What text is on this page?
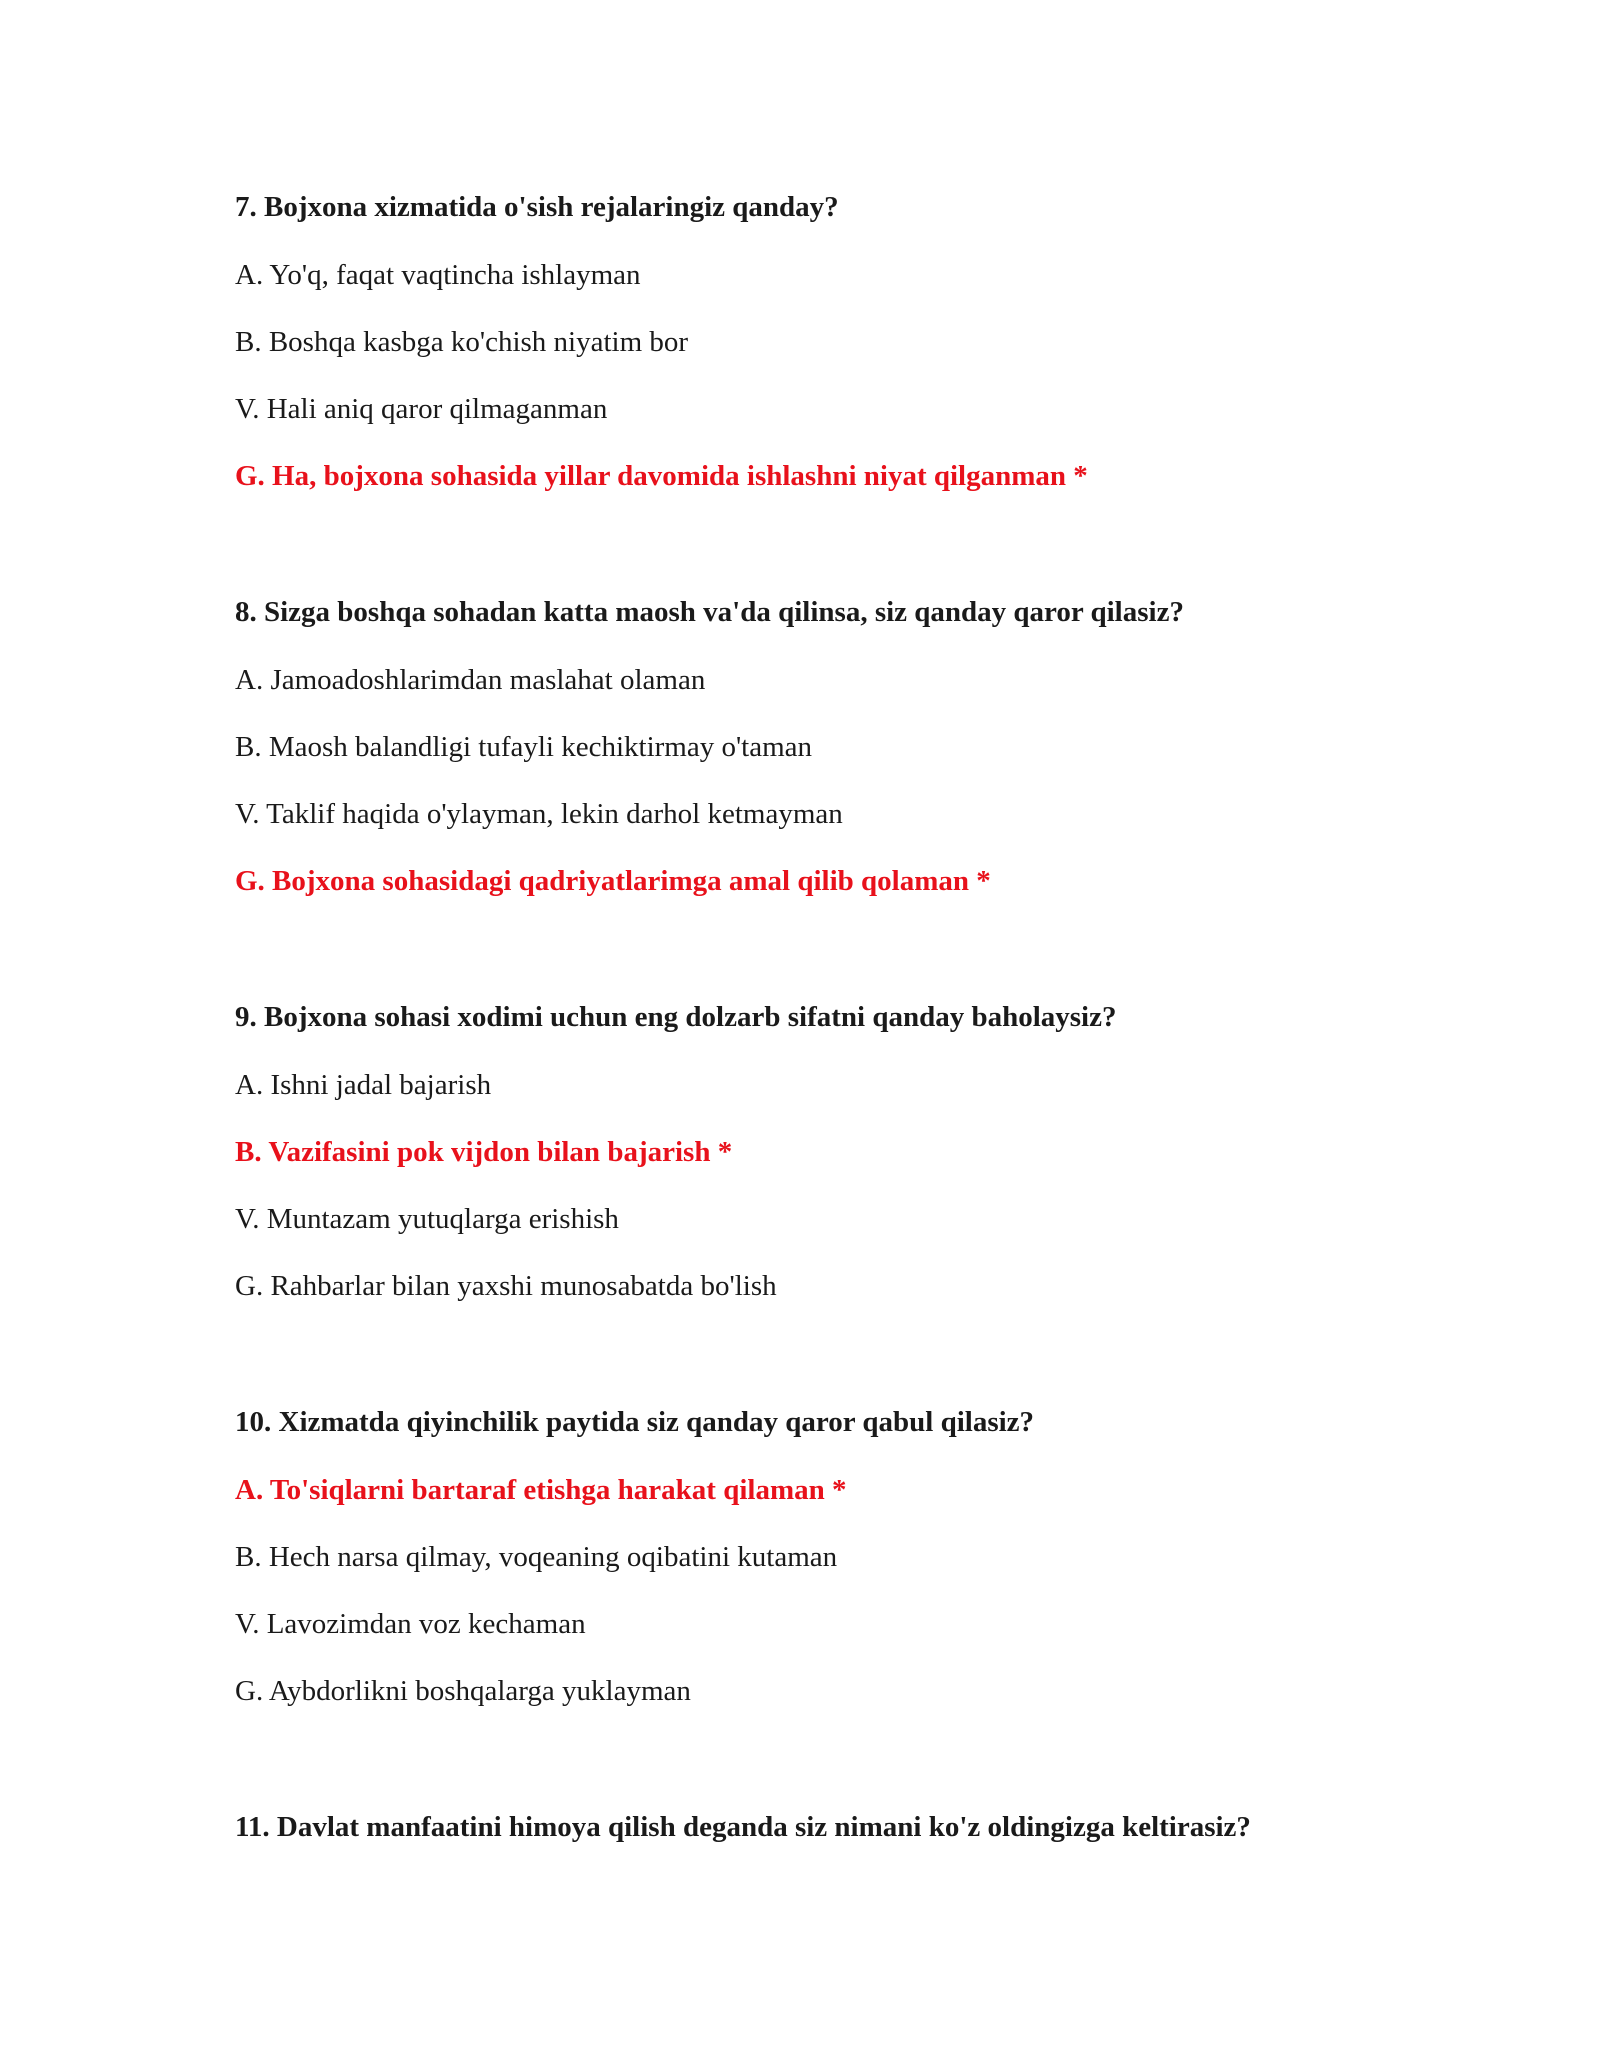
7. Bojxona xizmatida o'sish rejalaringiz qanday?
A. Yo'q, faqat vaqtincha ishlayman
B. Boshqa kasbga ko'chish niyatim bor
V. Hali aniq qaror qilmaganman
G. Ha, bojxona sohasida yillar davomida ishlashni niyat qilganman *
8. Sizga boshqa sohadan katta maosh va'da qilinsa, siz qanday qaror qilasiz?
A. Jamoadoshlarimdan maslahat olaman
B. Maosh balandligi tufayli kechiktirmay o'taman
V. Taklif haqida o'ylayman, lekin darhol ketmayman
G. Bojxona sohasidagi qadriyatlarimga amal qilib qolaman *
9. Bojxona sohasi xodimi uchun eng dolzarb sifatni qanday baholaysiz?
A. Ishni jadal bajarish
B. Vazifasini pok vijdon bilan bajarish *
V. Muntazam yutuqlarga erishish
G. Rahbarlar bilan yaxshi munosabatda bo'lish
10. Xizmatda qiyinchilik paytida siz qanday qaror qabul qilasiz?
A. To'siqlarni bartaraf etishga harakat qilaman *
B. Hech narsa qilmay, voqeaning oqibatini kutaman
V. Lavozimdan voz kechaman
G. Aybdorlikni boshqalarga yuklayman
11. Davlat manfaatini himoya qilish deganda siz nimani ko'z oldingizga keltirasiz?
